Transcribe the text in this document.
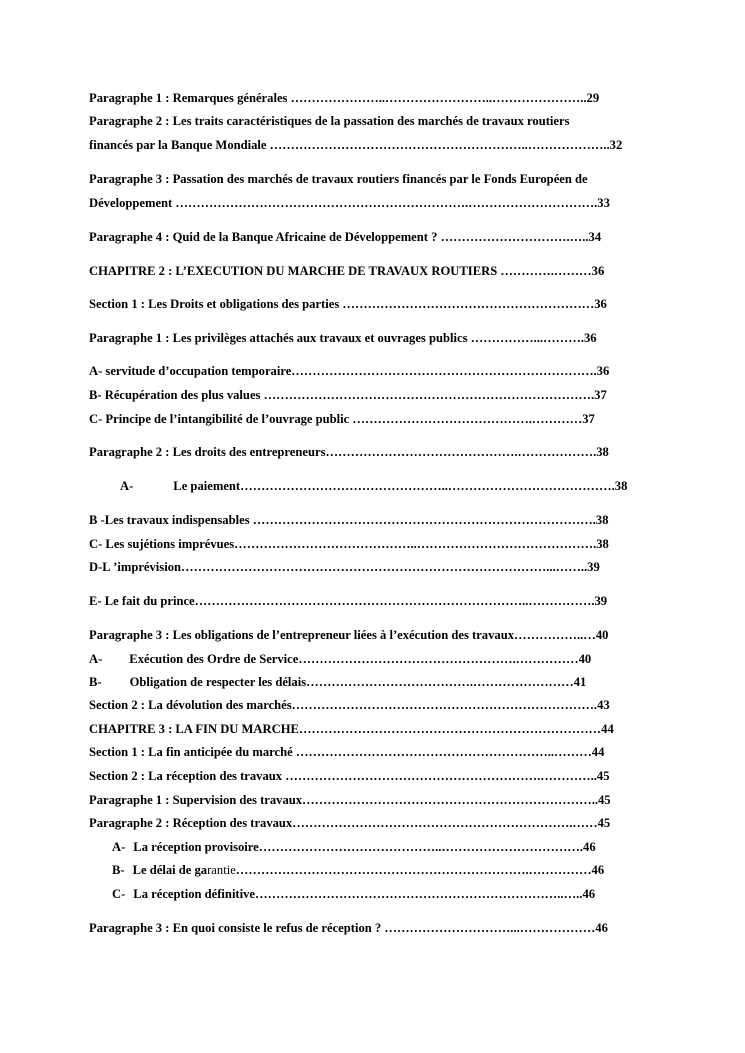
Paragraphe 1 : Remarques générales …………………..……………………..…………………..29
Paragraphe 2 : Les traits caractéristiques de la passation des marchés de travaux routiers
financés par la Banque Mondiale ……………………………………………………..………………..32
Paragraphe 3 : Passation des marchés de travaux routiers financés par le Fonds Européen de
Développement …………………………………………………………….………………………….33
Paragraphe 4 : Quid de la Banque Africaine de Développement ? ………………………….…..34
CHAPITRE 2 : L’EXECUTION DU MARCHE DE TRAVAUX ROUTIERS ………….………36
Section 1 : Les Droits et obligations des parties ……………………………………………………36
Paragraphe 1 : Les privilèges attachés aux travaux et ouvrages publics ……………...……….36
A- servitude d’occupation temporaire……………………………………………………………….36
B- Récupération des plus values …………………………………………………………………….37
C- Principe de l’intangibilité de l’ouvrage public …………………………………….…………37
Paragraphe 2 : Les droits des entrepreneurs……………………………………….……………….38
A-	Le paiement…………………………………………..………………………………….38
B -Les travaux indispensables ……………………………………………………………………….38
C- Les sujétions imprévues……………………………………..…………………………………….38
D-L ’imprévision……………………………………………………………………………...……..39
E- Le fait du prince……………………………………………………………………..…………….39
Paragraphe 3 : Les obligations de l’entrepreneur liées à l’exécution des travaux……………..…40
A- Exécution des Ordre de Service…………………………………………….……………40
B- Obligation de respecter les délais………………………………….……………………41
Section 2 : La dévolution des marchés……………………………………………………………….43
CHAPITRE 3 : LA FIN DU MARCHE………………………………………………………………44
Section 1 : La fin anticipée du marché ……………………………………………………..………44
Section 2 : La réception des travaux …………………………………………………….…………..45
Paragraphe 1 : Supervision des travaux……………………………………………………………..45
Paragraphe 2 : Réception des travaux………………………………………………………….……45
A- La réception provisoire……………………………………..…………………………….46
B- Le délai de garantie…………………………………………………………….……………46
C- La réception définitive………………………………………………………………..…..46
Paragraphe 3 : En quoi consiste le refus de réception ? …………………………...………………46
